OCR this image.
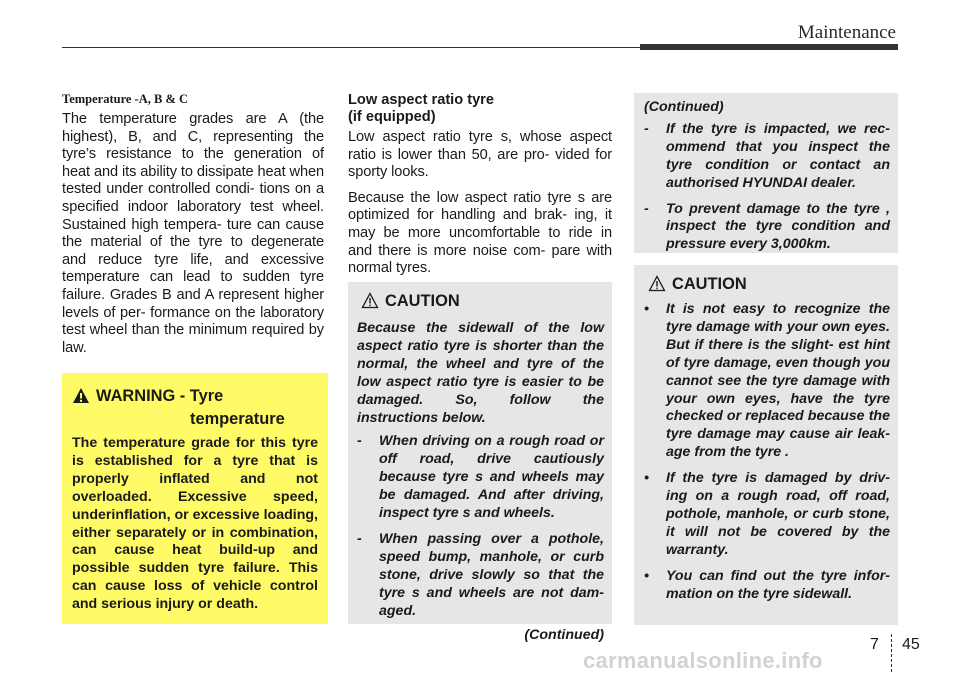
Maintenance

Temperature -A, B & C

The temperature grades are A (the highest), B, and C, representing the tyre’s resistance to the generation of heat and its ability to dissipate heat when tested under controlled condi- tions on a specified indoor laboratory test wheel. Sustained high tempera- ture can cause the material of the tyre to degenerate and reduce tyre life, and excessive temperature can lead to sudden tyre failure. Grades B and A represent higher levels of per- formance on the laboratory test wheel than the minimum required by law.

WARNING - Tyre
temperature

The temperature grade for this tyre is established for a tyre that is properly inflated and not overloaded. Excessive speed, underinflation, or excessive loading, either separately or in combination, can cause heat build-up and possible sudden tyre failure. This can cause loss of vehicle control and serious injury or death.

Low aspect ratio tyre
(if equipped)

Low aspect ratio tyre s, whose aspect ratio is lower than 50, are pro- vided for sporty looks.

Because the low aspect ratio tyre s are optimized for handling and brak- ing, it may be more uncomfortable to ride in and there is more noise com- pare with normal tyres.

CAUTION

Because the sidewall of the low aspect ratio tyre is shorter than the normal, the wheel and tyre of the low aspect ratio tyre is easier to be damaged. So, follow the instructions below.

- When driving on a rough road or off road, drive cautiously because tyre s and wheels may be damaged. And after driving, inspect tyre s and wheels.
- When passing over a pothole, speed bump, manhole, or curb stone, drive slowly so that the tyre s and wheels are not dam- aged.

(Continued)

(Continued)

- If the tyre is impacted, we rec- ommend that you inspect the tyre condition or contact an authorised HYUNDAI dealer.
- To prevent damage to the tyre , inspect the tyre condition and pressure every 3,000km.
CAUTION
• It is not easy to recognize the tyre damage with your own eyes. But if there is the slight- est hint of tyre damage, even though you cannot see the tyre damage with your own eyes, have the tyre checked or replaced because the tyre damage may cause air leak- age from the tyre .
• If the tyre is damaged by driv- ing on a rough road, off road, pothole, manhole, or curb stone, it will not be covered by the warranty.
• You can find out the tyre infor- mation on the tyre sidewall.
7 45
carmanualsonline.info
